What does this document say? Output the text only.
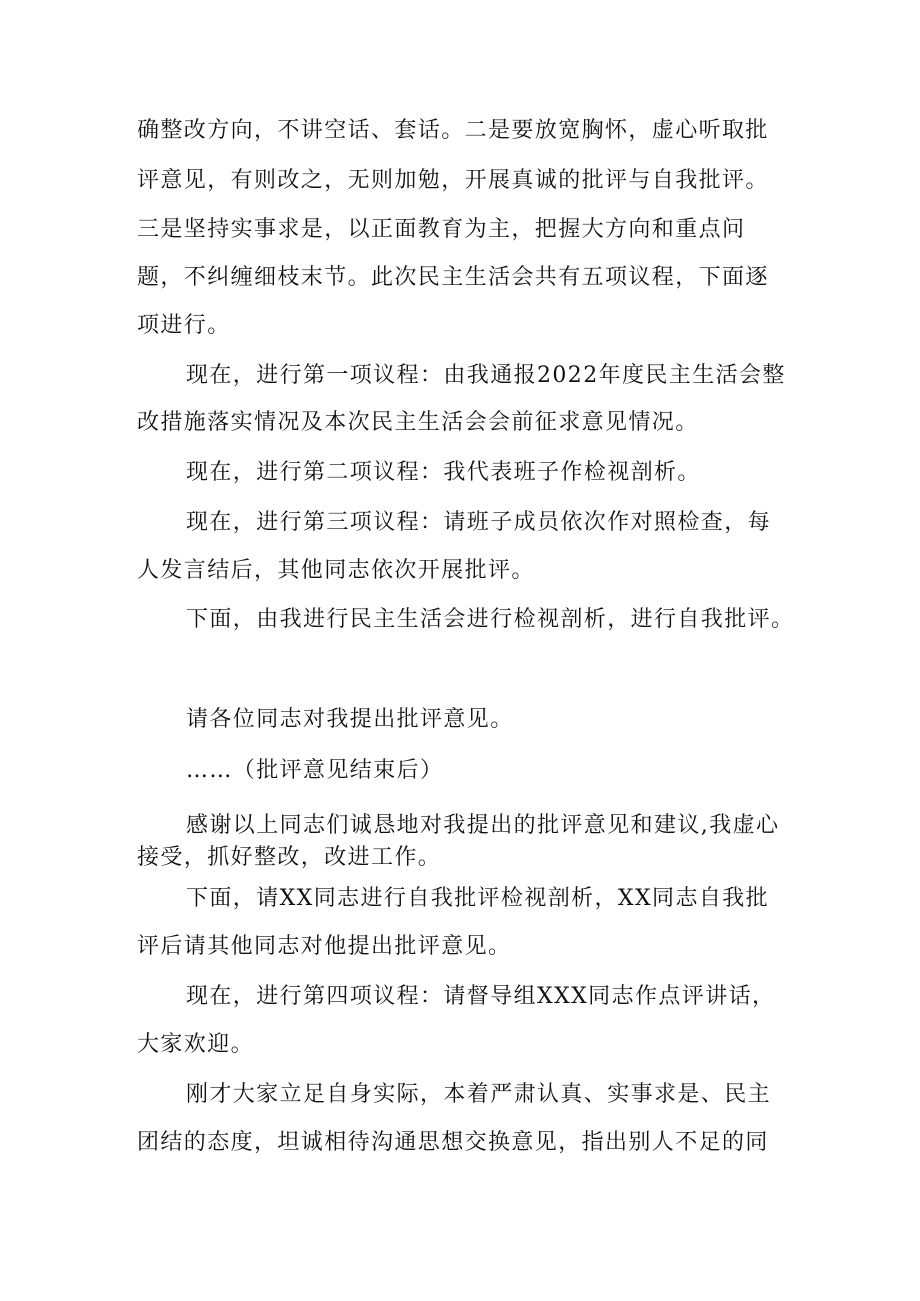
确整改方向，不讲空话、套话。二是要放宽胸怀，虚心听取批
评意见，有则改之，无则加勉，开展真诚的批评与自我批评。
三是坚持实事求是，以正面教育为主，把握大方向和重点问
题，不纠缠细枝末节。此次民主生活会共有五项议程，下面逐
项进行。
现在，进行第一项议程：由我通报2022年度民主生活会整
改措施落实情况及本次民主生活会会前征求意见情况。
现在，进行第二项议程：我代表班子作检视剖析。
现在，进行第三项议程：请班子成员依次作对照检查，每
人发言结后，其他同志依次开展批评。
下面，由我进行民主生活会进行检视剖析，进行自我批评。
请各位同志对我提出批评意见。
……（批评意见结束后）
感谢以上同志们诚恳地对我提出的批评意见和建议,我虚心
接受，抓好整改，改进工作。
下面，请XX同志进行自我批评检视剖析，XX同志自我批
评后请其他同志对他提出批评意见。
现在，进行第四项议程：请督导组XXX同志作点评讲话，
大家欢迎。
刚才大家立足自身实际，本着严肃认真、实事求是、民主
团结的态度，坦诚相待沟通思想交换意见，指出别人不足的同
